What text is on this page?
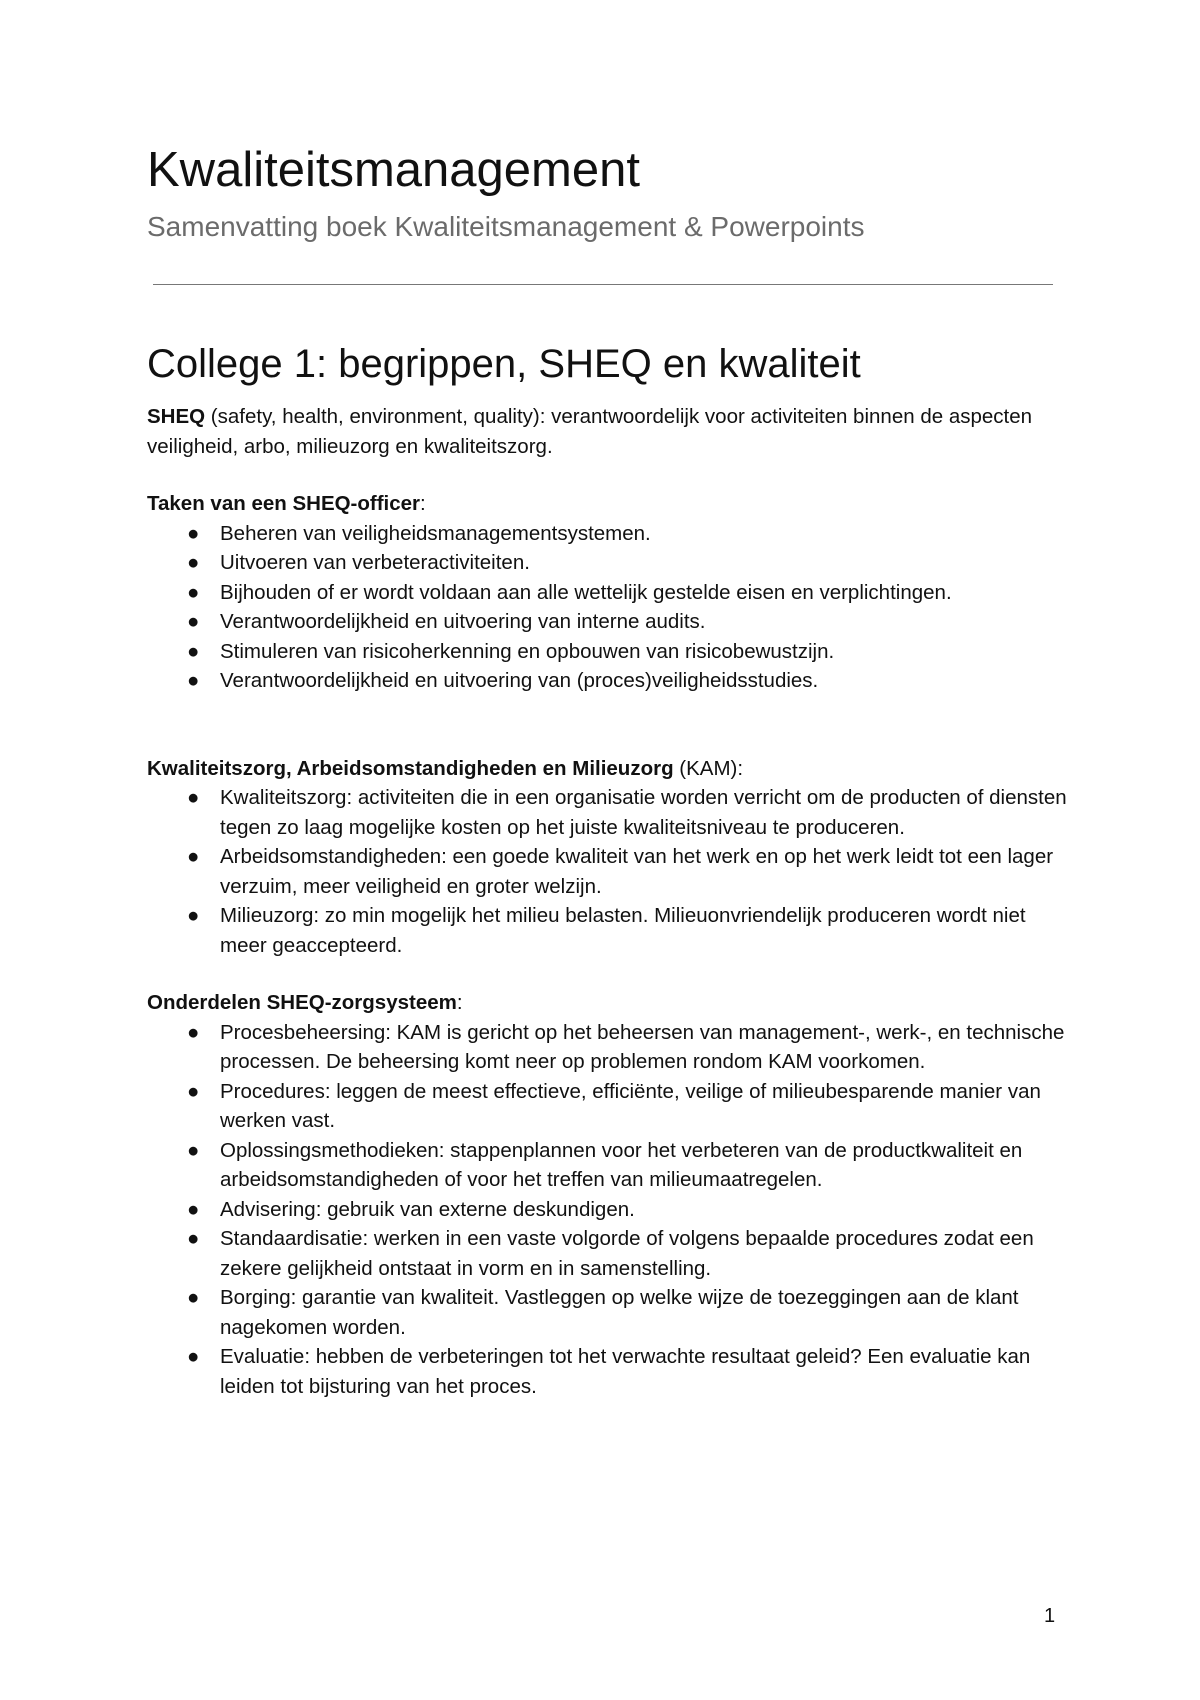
Kwaliteitsmanagement
Samenvatting boek Kwaliteitsmanagement & Powerpoints
College 1: begrippen, SHEQ en kwaliteit

SHEQ (safety, health, environment, quality): verantwoordelijk voor activiteiten binnen de aspecten veiligheid, arbo, milieuzorg en kwaliteitszorg.

Taken van een SHEQ-officer:

● Beheren van veiligheidsmanagementsystemen.
● Uitvoeren van verbeteractiviteiten.
● Bijhouden of er wordt voldaan aan alle wettelijk gestelde eisen en verplichtingen.
● Verantwoordelijkheid en uitvoering van interne audits.
● Stimuleren van risicoherkenning en opbouwen van risicobewustzijn.
● Verantwoordelijkheid en uitvoering van (proces)veiligheidsstudies.

Kwaliteitszorg, Arbeidsomstandigheden en Milieuzorg (KAM):

● Kwaliteitszorg: activiteiten die in een organisatie worden verricht om de producten of diensten tegen zo laag mogelijke kosten op het juiste kwaliteitsniveau te produceren.
● Arbeidsomstandigheden: een goede kwaliteit van het werk en op het werk leidt tot een lager verzuim, meer veiligheid en groter welzijn.
● Milieuzorg: zo min mogelijk het milieu belasten. Milieuonvriendelijk produceren wordt niet meer geaccepteerd.

Onderdelen SHEQ-zorgsysteem:

● Procesbeheersing: KAM is gericht op het beheersen van management-, werk-, en technische processen. De beheersing komt neer op problemen rondom KAM voorkomen.
● Procedures: leggen de meest effectieve, efficiënte, veilige of milieubesparende manier van werken vast.
● Oplossingsmethodieken: stappenplannen voor het verbeteren van de productkwaliteit en arbeidsomstandigheden of voor het treffen van milieumaatregelen.
● Advisering: gebruik van externe deskundigen.
● Standaardisatie: werken in een vaste volgorde of volgens bepaalde procedures zodat een zekere gelijkheid ontstaat in vorm en in samenstelling.
● Borging: garantie van kwaliteit. Vastleggen op welke wijze de toezeggingen aan de klant nagekomen worden.
● Evaluatie: hebben de verbeteringen tot het verwachte resultaat geleid? Een evaluatie kan leiden tot bijsturing van het proces.
1
